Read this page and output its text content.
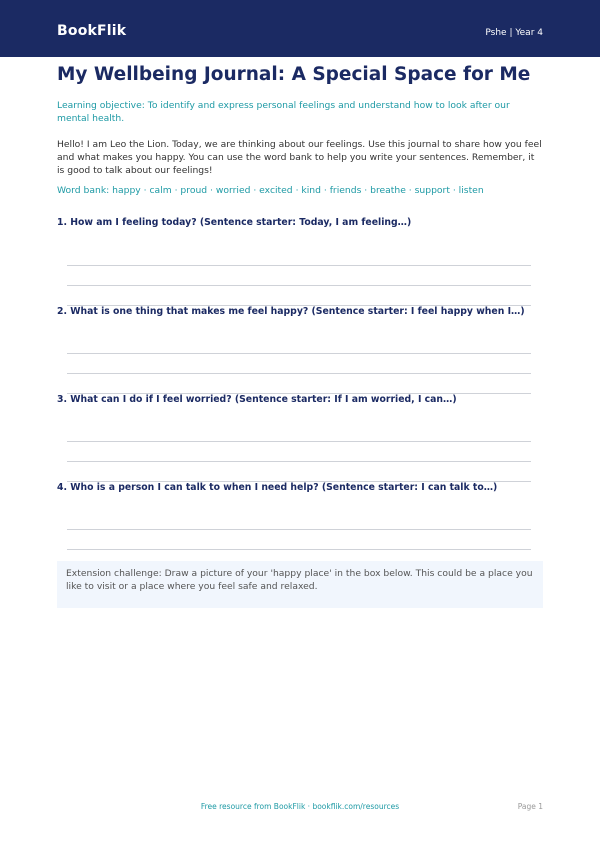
BookFlik	Pshe | Year 4
My Wellbeing Journal: A Special Space for Me
Learning objective: To identify and express personal feelings and understand how to look after our mental health.
Hello! I am Leo the Lion. Today, we are thinking about our feelings. Use this journal to share how you feel and what makes you happy. You can use the word bank to help you write your sentences. Remember, it is good to talk about our feelings!
Word bank: happy · calm · proud · worried · excited · kind · friends · breathe · support · listen
1. How am I feeling today? (Sentence starter: Today, I am feeling…)
2. What is one thing that makes me feel happy? (Sentence starter: I feel happy when I…)
3. What can I do if I feel worried? (Sentence starter: If I am worried, I can…)
4. Who is a person I can talk to when I need help? (Sentence starter: I can talk to…)
Extension challenge: Draw a picture of your 'happy place' in the box below. This could be a place you like to visit or a place where you feel safe and relaxed.
Free resource from BookFlik · bookflik.com/resources	Page 1
